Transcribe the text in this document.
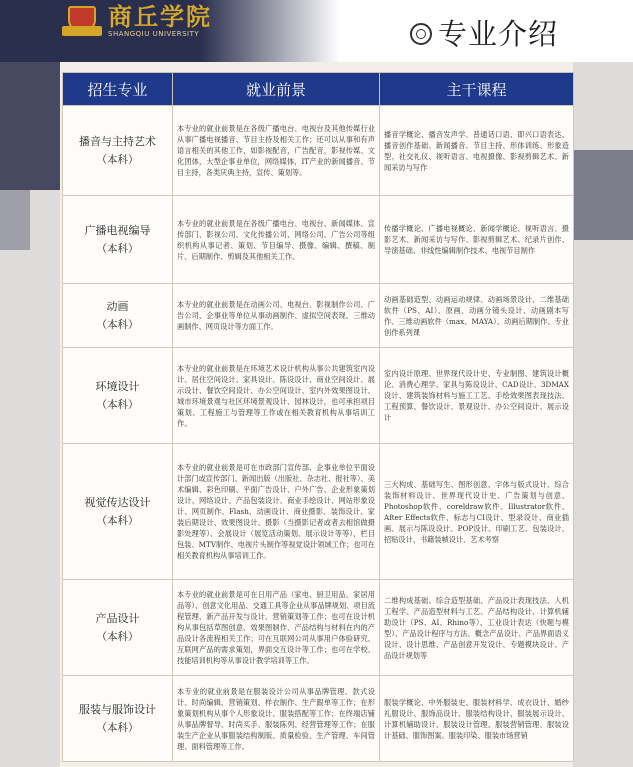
商丘学院
SHANGQIU UNIVERSITY	专业介绍
招生专业	就业前景	主干课程

播音与主持艺术
（本科）	本专业的就业前景是在各级广播电台、电视台及其他传媒行业从事广播电视播音、节目主持及相关工作；还可以从事和有声语言相关的其他工作，如影视配音，广告配音，影视传媒、文化团体，大型企事业单位，网络媒体，IT产业的新闻播音、节目主持，各类庆典主持，宣传、策划等。	播音学概论、播音发声学、普通话口语、即兴口语表达、播音创作基础、新闻播音、节目主持、形体训练、形象造型、社交礼仪、视听语言、电视摄像、影视剪辑艺术、新闻采访与写作

广播电视编导
（本科）	本专业的就业前景是在各级广播电台、电视台、新闻媒体、宣传部门、影视公司、文化传播公司、网络公司、广告公司等组织机构从事记者、策划、节目编导、摄像、编辑、撰稿、制片、后期制作、剪辑及其他相关工作。	传播学概论、广播电视概论、新闻学概论、视听语言、摄影艺术、新闻采访与写作、影视剪辑艺术、纪录片创作、导演基础、非线性编辑制作技术、电视节目制作

动画
（本科）	本专业的就业前景是在动画公司、电视台、影视制作公司、广告公司、企事业等单位从事动画制作、虚拟空间表现、三维动画制作、网页设计等方面工作。	动画基础造型、动画运动规律、动画场景设计、二维基础软件（PS、AI）、原画、动画分镜头设计、动画剧本写作、三维动画软件（max、MAYA）、动画后期制作、专业创作系列课

环境设计
（本科）	本专业的就业前景是在环境艺术设计机构从事公共建筑室内设计、居住空间设计、家具设计、陈设设计、商业空间设计、展示设计、餐饮空间设计、办公空间设计、室内外效果图设计、城市环境景观与社区环境景观设计、园林设计，也可承担项目策划、工程施工与管理等工作或在相关教育机构从事培训工作。	室内设计原理、世界现代设计史、专业制图、建筑设计概论、消费心理学、家具与陈设设计、CAD设计、3DMAX设计、建筑装饰材料与施工工艺、手绘效果图表现技法、工程预算、餐饮设计、景观设计、办公空间设计、展示设计

视觉传达设计
（本科）	本专业的就业前景是可在市政部门宣传部、企事业单位平面设计部门或宣传部门、新闻出版（出版社、杂志社、报社等）、美术编辑、彩色印刷、平面广告设计、户外广告、企业形象策划设计、网络设计、产品包装设计、商业手绘设计、网站形象设计、网页制作、Flash、动画设计、商业摄影、装饰设计、家装后期设计、效果图设计、摄影（当摄影记者或者去相馆做摄影处理等）、会展设计（展览活动策划、展示设计等等），栏目包装、MTV制作、电视片头制作等视觉设计领域工作；也可在相关教育机构从事培训工作。	三大构成、基础写生、图形创意、字体与版式设计、综合装饰材料设计、世界现代设计史、广告策划与创意、Photoshop软件、coreldraw软件、Illustrator软件、After Effects软件、标志与CI设计、型录设计、商业插画、展示与陈设设计、POP设计、印刷工艺、包装设计、招贴设计、书籍装帧设计、艺术考察

产品设计
（本科）	本专业的就业前景是可在日用产品（家电、厨卫用品、家居用品等）、创意文化用品、交通工具等企业从事品牌规划、项目流程管理、新产品开发与设计、营销策划等工作；也可在设计机构从事包括草图创意、效果图制作、产品结构与材料在内的产品设计各流程相关工作；可在互联网公司从事用户体验研究、互联网产品的需求策划，界面交互设计等工作；也可在学校、技能培训机构等从事设计教学培训等工作。	二维构成基础、综合造型基础、产品设计表现技法、人机工程学、产品造型材料与工艺、产品结构设计、计算机辅助设计（PS、AI、Rhino等）、工业设计表达（快题与模型）、产品设计程序与方法、概念产品设计、产品界面语义设计、设计思维、产品创意开发设计、专题模块设计、产品设计规划等

服装与服饰设计
（本科）	本专业的就业前景是在服装设计公司从事品牌管理、款式设计、时尚编辑、营销策划、样衣制作、生产跟单等工作；在形象策划机构从事个人形象设计、服装搭配等工作；在终端店铺从事品牌督导、时尚买手、服装陈列、经营管理等工作；在服装生产企业从事服装结构制版、质量检验、生产管理、车间管理、面料管理等工作。	服装学概论、中外服装史、服装材料学、成衣设计、婚纱礼服设计、服饰品设计、服装结构设计、服装展示设计、计算机辅助设计、服装设计管理、服装营销管理、服装设计基础、服饰图案、服装印染、服装市场营销
